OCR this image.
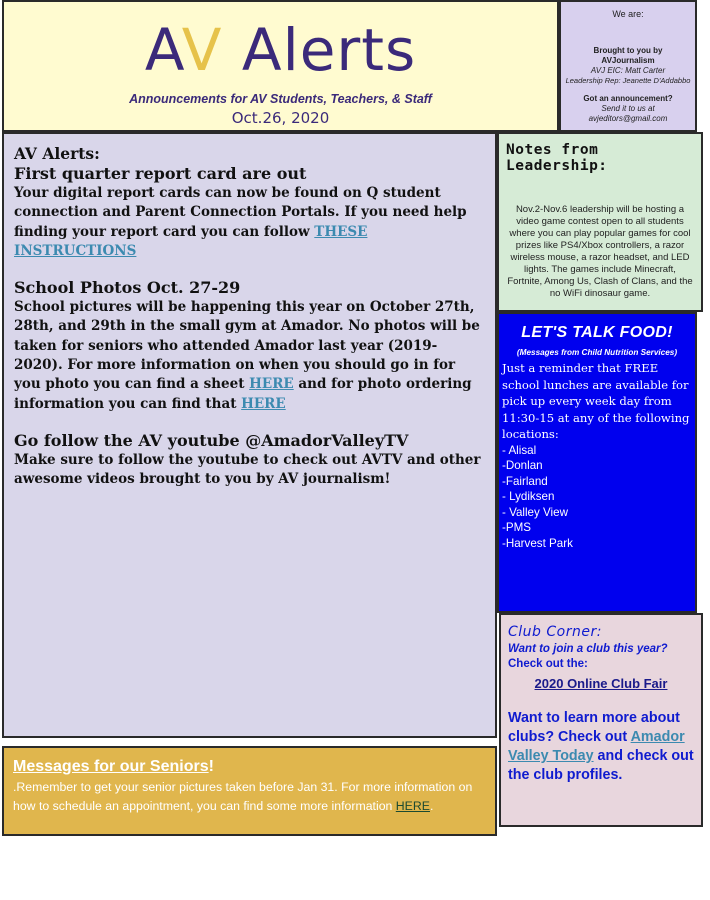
AV Alerts
Announcements for AV Students, Teachers, & Staff
Oct.26, 2020
We are:
Brought to you by
AVJournalism
AVJ EIC: Matt Carter
Leadership Rep: Jeanette D'Addabbo
Got an announcement?
Send it to us at
avjeditors@gmail.com
AV Alerts:
First quarter report card are out

Your digital report cards can now be found on Q student connection and Parent Connection Portals. If you need help finding your report card you can follow THESE INSTRUCTIONS

School Photos Oct. 27-29

School pictures will be happening this year on October 27th, 28th, and 29th in the small gym at Amador. No photos will be taken for seniors who attended Amador last year (2019-2020). For more information on when you should go in for you photo you can find a sheet HERE and for photo ordering information you can find that HERE

Go follow the AV youtube @AmadorValleyTV

Make sure to follow the youtube to check out AVTV and other awesome videos brought to you by AV journalism!

Notes from Leadership:
Nov.2-Nov.6 leadership will be hosting a video game contest open to all students where you can play popular games for cool prizes like PS4/Xbox controllers, a razor wireless mouse, a razor headset, and LED lights. The games include Minecraft, Fortnite, Among Us, Clash of Clans, and the no WiFi dinosaur game.
LET'S TALK FOOD!
(Messages from Child Nutrition Services)
Just a reminder that FREE school lunches are available for pick up every week day from 11:30-15 at any of the following locations:
- Alisal
-Donlan
-Fairland
- Lydiksen
- Valley View
-PMS
-Harvest Park
Club Corner:
Want to join a club this year?
Check out the:
2020 Online Club Fair
Want to learn more about clubs? Check out Amador Valley Today and check out the club profiles.
Messages for our Seniors!
.Remember to get your senior pictures taken before Jan 31. For more information on how to schedule an appointment, you can find some more information HERE.
